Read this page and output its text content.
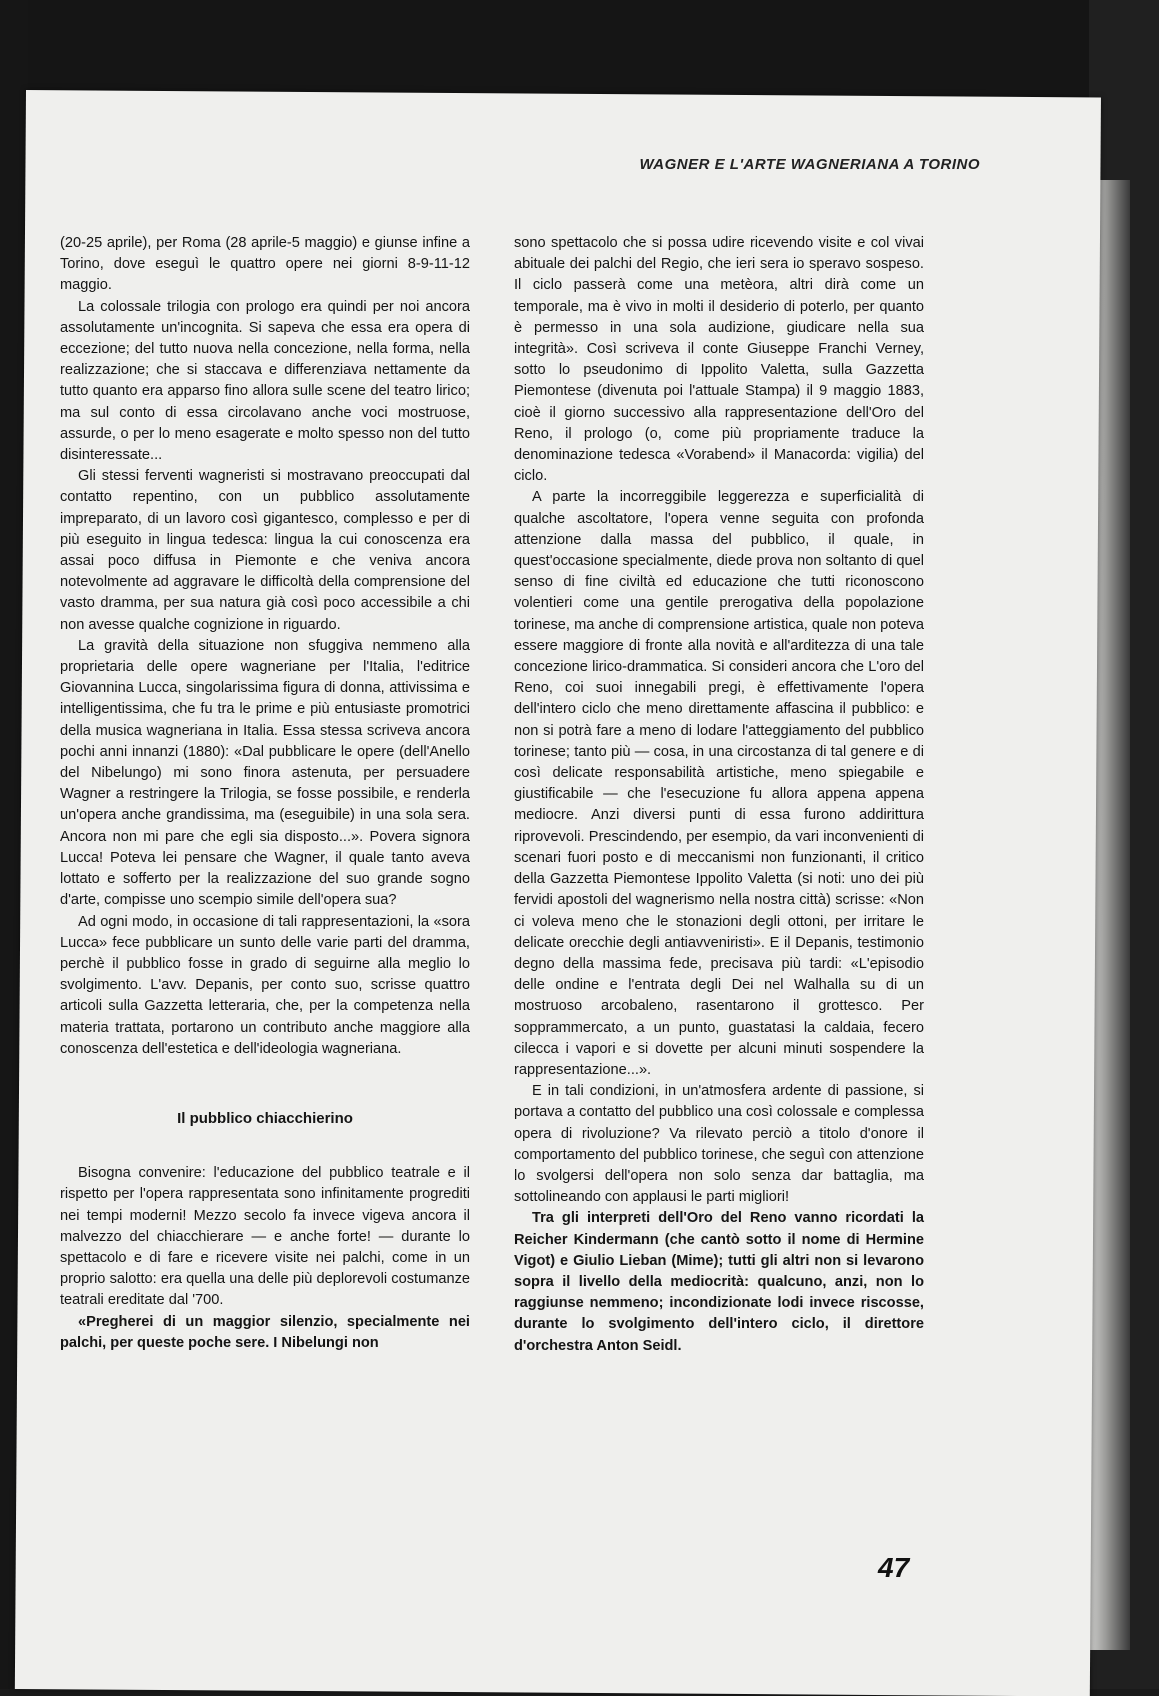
WAGNER E L'ARTE WAGNERIANA A TORINO

(20-25 aprile), per Roma (28 aprile-5 maggio) e giunse infine a Torino, dove eseguì le quattro opere nei giorni 8-9-11-12 maggio.

La colossale trilogia con prologo era quindi per noi ancora assolutamente un'incognita. Si sapeva che essa era opera di eccezione; del tutto nuova nella concezione, nella forma, nella realizzazione; che si staccava e differenziava nettamente da tutto quanto era apparso fino allora sulle scene del teatro lirico; ma sul conto di essa circolavano anche voci mostruose, assurde, o per lo meno esagerate e molto spesso non del tutto disinteressate...

Gli stessi ferventi wagneristi si mostravano preoccupati dal contatto repentino, con un pubblico assolutamente impreparato, di un lavoro così gigantesco, complesso e per di più eseguito in lingua tedesca: lingua la cui conoscenza era assai poco diffusa in Piemonte e che veniva ancora notevolmente ad aggravare le difficoltà della comprensione del vasto dramma, per sua natura già così poco accessibile a chi non avesse qualche cognizione in riguardo.

La gravità della situazione non sfuggiva nemmeno alla proprietaria delle opere wagneriane per l'Italia, l'editrice Giovannina Lucca, singolarissima figura di donna, attivissima e intelligentissima, che fu tra le prime e più entusiaste promotrici della musica wagneriana in Italia. Essa stessa scriveva ancora pochi anni innanzi (1880): «Dal pubblicare le opere (dell'Anello del Nibelungo) mi sono finora astenuta, per persuadere Wagner a restringere la Trilogia, se fosse possibile, e renderla un'opera anche grandissima, ma (eseguibile) in una sola sera. Ancora non mi pare che egli sia disposto...». Povera signora Lucca! Poteva lei pensare che Wagner, il quale tanto aveva lottato e sofferto per la realizzazione del suo grande sogno d'arte, compisse uno scempio simile dell'opera sua?

Ad ogni modo, in occasione di tali rappresentazioni, la «sora Lucca» fece pubblicare un sunto delle varie parti del dramma, perchè il pubblico fosse in grado di seguirne alla meglio lo svolgimento. L'avv. Depanis, per conto suo, scrisse quattro articoli sulla Gazzetta letteraria, che, per la competenza nella materia trattata, portarono un contributo anche maggiore alla conoscenza dell'estetica e dell'ideologia wagneriana.

Il pubblico chiacchierino

Bisogna convenire: l'educazione del pubblico teatrale e il rispetto per l'opera rappresentata sono infinitamente progrediti nei tempi moderni! Mezzo secolo fa invece vigeva ancora il malvezzo del chiacchierare — e anche forte! — durante lo spettacolo e di fare e ricevere visite nei palchi, come in un proprio salotto: era quella una delle più deplorevoli costumanze teatrali ereditate dal '700.

«Pregherei di un maggior silenzio, specialmente nei palchi, per queste poche sere. I Nibelungi non

sono spettacolo che si possa udire ricevendo visite e col vivai abituale dei palchi del Regio, che ieri sera io speravo sospeso. Il ciclo passerà come una metèora, altri dirà come un temporale, ma è vivo in molti il desiderio di poterlo, per quanto è permesso in una sola audizione, giudicare nella sua integrità». Così scriveva il conte Giuseppe Franchi Verney, sotto lo pseudonimo di Ippolito Valetta, sulla Gazzetta Piemontese (divenuta poi l'attuale Stampa) il 9 maggio 1883, cioè il giorno successivo alla rappresentazione dell'Oro del Reno, il prologo (o, come più propriamente traduce la denominazione tedesca «Vorabend» il Manacorda: vigilia) del ciclo.

A parte la incorreggibile leggerezza e superficialità di qualche ascoltatore, l'opera venne seguita con profonda attenzione dalla massa del pubblico, il quale, in quest'occasione specialmente, diede prova non soltanto di quel senso di fine civiltà ed educazione che tutti riconoscono volentieri come una gentile prerogativa della popolazione torinese, ma anche di comprensione artistica, quale non poteva essere maggiore di fronte alla novità e all'arditezza di una tale concezione lirico-drammatica. Si consideri ancora che L'oro del Reno, coi suoi innegabili pregi, è effettivamente l'opera dell'intero ciclo che meno direttamente affascina il pubblico: e non si potrà fare a meno di lodare l'atteggiamento del pubblico torinese; tanto più — cosa, in una circostanza di tal genere e di così delicate responsabilità artistiche, meno spiegabile e giustificabile — che l'esecuzione fu allora appena appena mediocre. Anzi diversi punti di essa furono addirittura riprovevoli. Prescindendo, per esempio, da vari inconvenienti di scenari fuori posto e di meccanismi non funzionanti, il critico della Gazzetta Piemontese Ippolito Valetta (si noti: uno dei più fervidi apostoli del wagnerismo nella nostra città) scrisse: «Non ci voleva meno che le stonazioni degli ottoni, per irritare le delicate orecchie degli antiavveniristi». E il Depanis, testimonio degno della massima fede, precisava più tardi: «L'episodio delle ondine e l'entrata degli Dei nel Walhalla su di un mostruoso arcobaleno, rasentarono il grottesco. Per sopprammercato, a un punto, guastatasi la caldaia, fecero cilecca i vapori e si dovette per alcuni minuti sospendere la rappresentazione...».

E in tali condizioni, in un'atmosfera ardente di passione, si portava a contatto del pubblico una così colossale e complessa opera di rivoluzione? Va rilevato perciò a titolo d'onore il comportamento del pubblico torinese, che seguì con attenzione lo svolgersi dell'opera non solo senza dar battaglia, ma sottolineando con applausi le parti migliori!

Tra gli interpreti dell'Oro del Reno vanno ricordati la Reicher Kindermann (che cantò sotto il nome di Hermine Vigot) e Giulio Lieban (Mime); tutti gli altri non si levarono sopra il livello della mediocrità: qualcuno, anzi, non lo raggiunse nemmeno; incondizionate lodi invece riscosse, durante lo svolgimento dell'intero ciclo, il direttore d'orchestra Anton Seidl.

47
